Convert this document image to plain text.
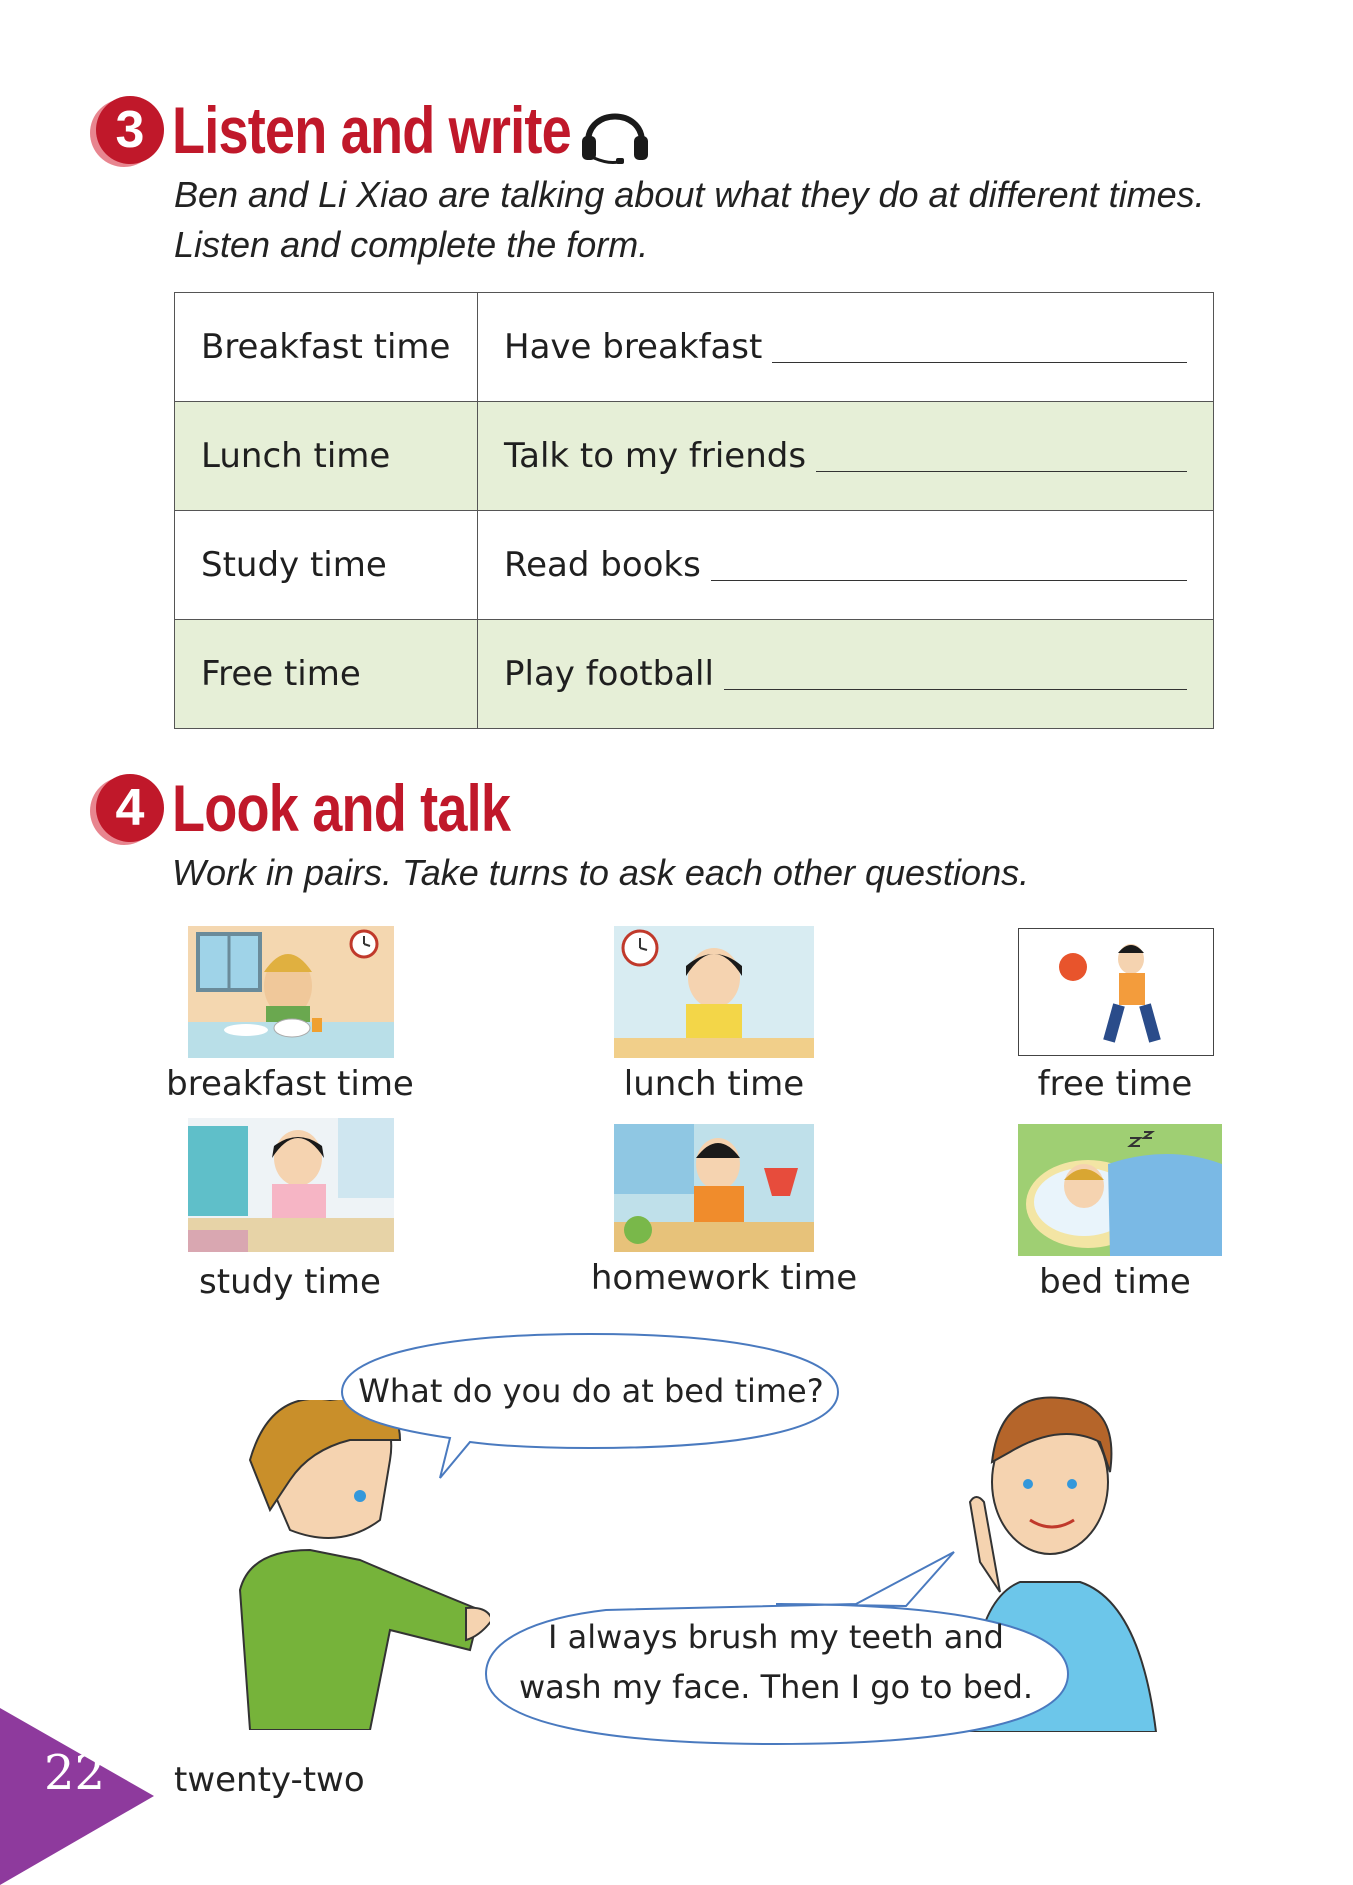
3 Listen and write
Ben and Li Xiao are talking about what they do at different times.
Listen and complete the form.
Breakfast time	Have breakfast

Lunch time	Talk to my friends

Study time	Read books

Free time	Play football
4 Look and talk
Work in pairs. Take turns to ask each other questions.
breakfast time	lunch time	free time
study time	homework time	bed time
What do you do at bed time?
I always brush my teeth and
wash my face. Then I go to bed.
22 twenty-two
